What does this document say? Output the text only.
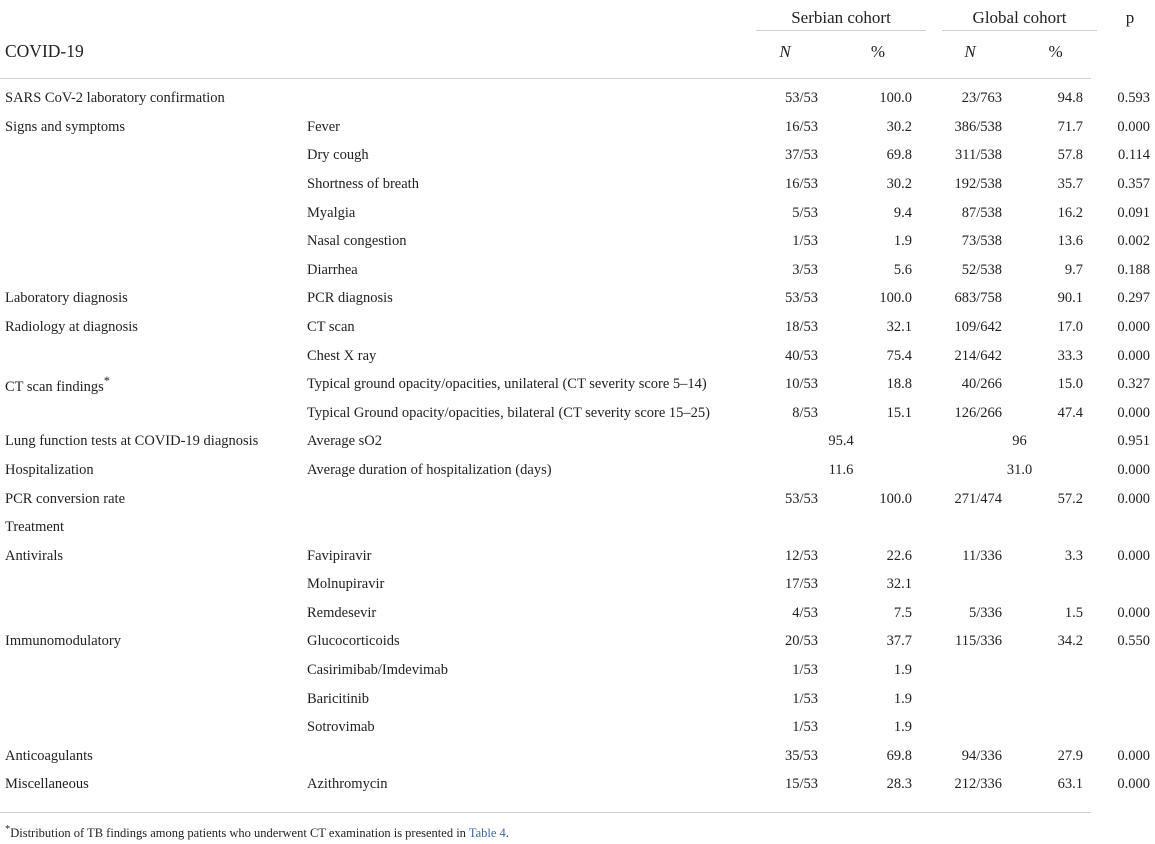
		Serbian cohort		Global cohort		p
COVID-19		N	%	N	%	
SARS CoV-2 laboratory confirmation		53/53	100.0	23/763	94.8	0.593
Signs and symptoms	Fever	16/53	30.2	386/538	71.7	0.000
	Dry cough	37/53	69.8	311/538	57.8	0.114
	Shortness of breath	16/53	30.2	192/538	35.7	0.357
	Myalgia	5/53	9.4	87/538	16.2	0.091
	Nasal congestion	1/53	1.9	73/538	13.6	0.002
	Diarrhea	3/53	5.6	52/538	9.7	0.188
Laboratory diagnosis	PCR diagnosis	53/53	100.0	683/758	90.1	0.297
Radiology at diagnosis	CT scan	18/53	32.1	109/642	17.0	0.000
	Chest X ray	40/53	75.4	214/642	33.3	0.000
CT scan findings*	Typical ground opacity/opacities, unilateral (CT severity score 5–14)	10/53	18.8	40/266	15.0	0.327
	Typical Ground opacity/opacities, bilateral (CT severity score 15–25)	8/53	15.1	126/266	47.4	0.000
Lung function tests at COVID-19 diagnosis	Average sO2	95.4		96		0.951
Hospitalization	Average duration of hospitalization (days)	11.6		31.0		0.000
PCR conversion rate		53/53	100.0	271/474	57.2	0.000
Treatment						
Antivirals	Favipiravir	12/53	22.6	11/336	3.3	0.000
	Molnupiravir	17/53	32.1			
	Remdesevir	4/53	7.5	5/336	1.5	0.000
Immunomodulatory	Glucocorticoids	20/53	37.7	115/336	34.2	0.550
	Casirimibab/Imdevimab	1/53	1.9			
	Baricitinib	1/53	1.9			
	Sotrovimab	1/53	1.9			
Anticoagulants		35/53	69.8	94/336	27.9	0.000
Miscellaneous	Azithromycin	15/53	28.3	212/336	63.1	0.000
*Distribution of TB findings among patients who underwent CT examination is presented in Table 4.
